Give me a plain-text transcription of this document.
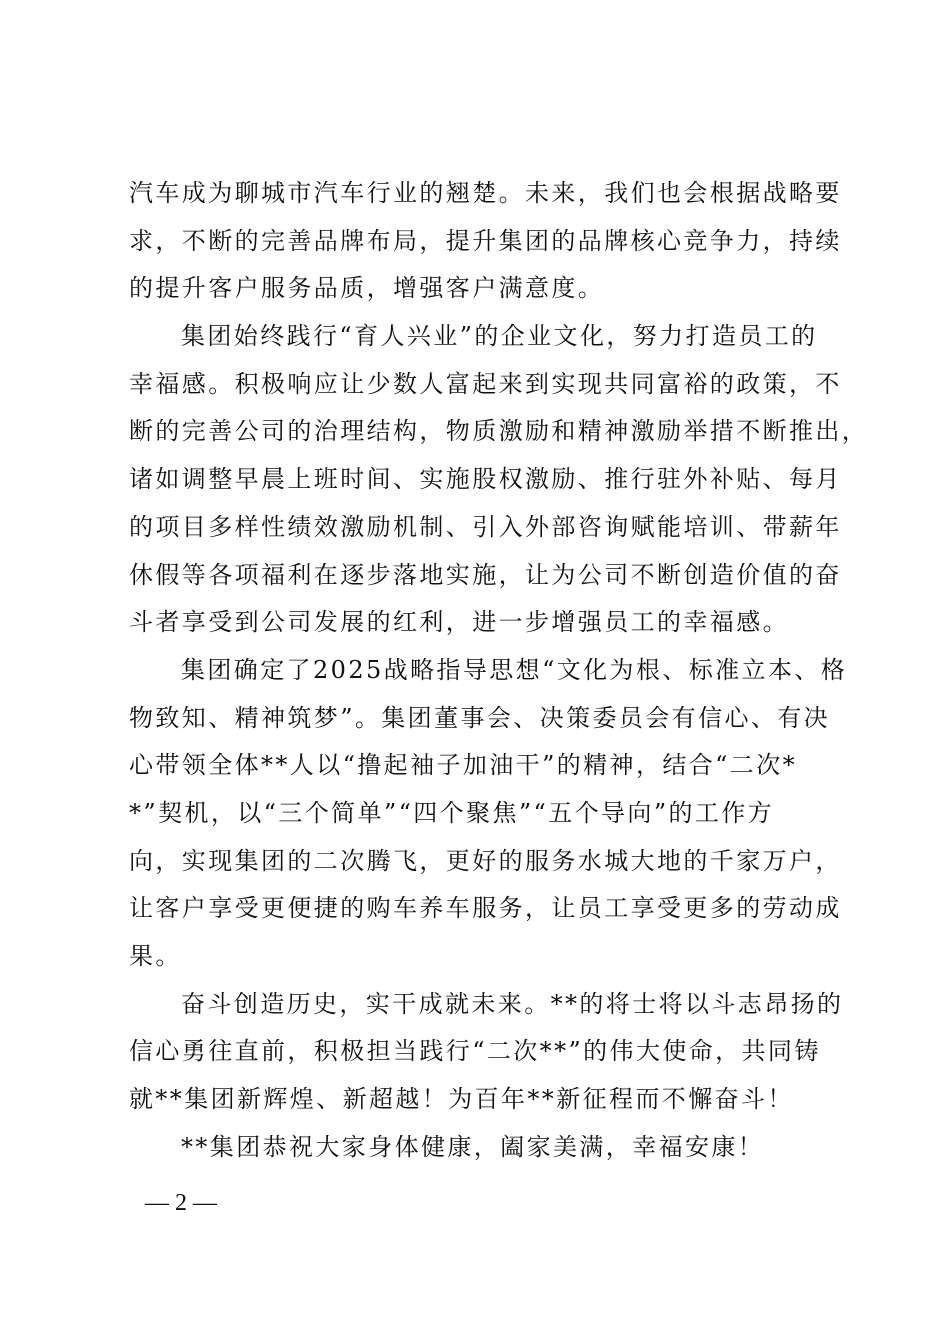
汽车成为聊城市汽车行业的翘楚。未来，我们也会根据战略要
求，不断的完善品牌布局，提升集团的品牌核心竞争力，持续
的提升客户服务品质，增强客户满意度。
集团始终践行“育人兴业”的企业文化，努力打造员工的
幸福感。积极响应让少数人富起来到实现共同富裕的政策，不
断的完善公司的治理结构，物质激励和精神激励举措不断推出，
诸如调整早晨上班时间、实施股权激励、推行驻外补贴、每月
的项目多样性绩效激励机制、引入外部咨询赋能培训、带薪年
休假等各项福利在逐步落地实施，让为公司不断创造价值的奋
斗者享受到公司发展的红利，进一步增强员工的幸福感。
集团确定了2025战略指导思想“文化为根、标准立本、格
物致知、精神筑梦”。集团董事会、决策委员会有信心、有决
心带领全体**人以“撸起袖子加油干”的精神，结合“二次*
*”契机，以“三个简单”“四个聚焦”“五个导向”的工作方
向，实现集团的二次腾飞，更好的服务水城大地的千家万户，
让客户享受更便捷的购车养车服务，让员工享受更多的劳动成
果。
奋斗创造历史，实干成就未来。**的将士将以斗志昂扬的
信心勇往直前，积极担当践行“二次**”的伟大使命，共同铸
就**集团新辉煌、新超越！为百年**新征程而不懈奋斗！
**集团恭祝大家身体健康，阖家美满，幸福安康！
— 2 —
